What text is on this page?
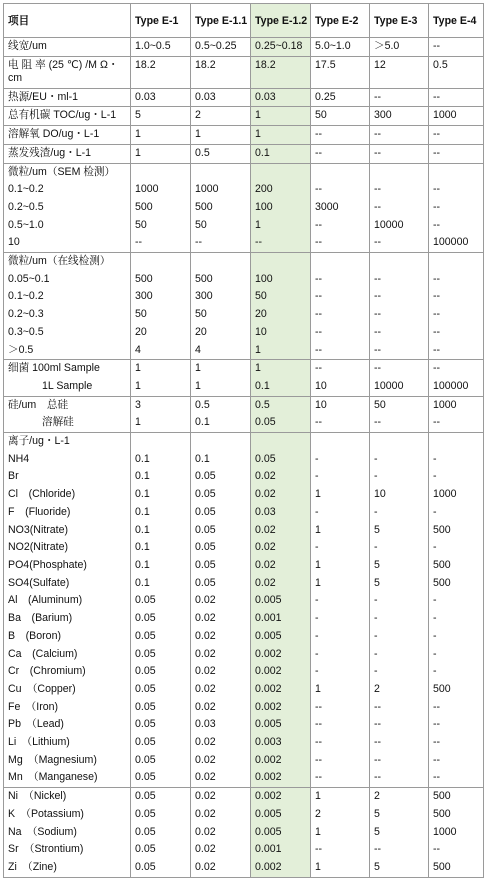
项目	Type E-1	Type E-1.1	Type E-1.2	Type E-2	Type E-3	Type E-4
线宽/um	1.0~0.5	0.5~0.25	0.25~0.18	5.0~1.0	＞5.0	--
电 阻 率 (25 ℃) /M Ω・cm	18.2	18.2	18.2	17.5	12	0.5
热源/EU・ml-1	0.03	0.03	0.03	0.25	--	--
总有机碳 TOC/ug・L-1	5	2	1	50	300	1000
溶解氧 DO/ug・L-1	1	1	1	--	--	--
蒸发残渣/ug・L-1	1	0.5	0.1	--	--	--
微粒/um（SEM 检测）						
0.1~0.2	1000	1000	200	--	--	--
0.2~0.5	500	500	100	3000	--	--
0.5~1.0	50	50	1	--	10000	--
10	--	--	--	--	--	100000
微粒/um（在线检测）						
0.05~0.1	500	500	100	--	--	--
0.1~0.2	300	300	50	--	--	--
0.2~0.3	50	50	20	--	--	--
0.3~0.5	20	20	10	--	--	--
＞0.5	4	4	1	--	--	--
细菌 100ml Sample	1	1	1	--	--	--
1L Sample	1	1	0.1	10	10000	100000
硅/um　总硅	3	0.5	0.5	10	50	1000
溶解硅	1	0.1	0.05	--	--	--
离子/ug・L-1						
NH4	0.1	0.1	0.05	-	-	-
Br	0.1	0.05	0.02	-	-	-
Cl　(Chloride)	0.1	0.05	0.02	1	10	1000
F　(Fluoride)	0.1	0.05	0.03	-	-	-
NO3(Nitrate)	0.1	0.05	0.02	1	5	500
NO2(Nitrate)	0.1	0.05	0.02	-	-	-
PO4(Phosphate)	0.1	0.05	0.02	1	5	500
SO4(Sulfate)	0.1	0.05	0.02	1	5	500
Al　(Aluminum)	0.05	0.02	0.005	-	-	-
Ba　(Barium)	0.05	0.02	0.001	-	-	-
B　(Boron)	0.05	0.02	0.005	-	-	-
Ca　(Calcium)	0.05	0.02	0.002	-	-	-
Cr　(Chromium)	0.05	0.02	0.002	-	-	-
Cu　（Copper)	0.05	0.02	0.002	1	2	500
Fe　（Iron)	0.05	0.02	0.002	--	--	--
Pb　（Lead)	0.05	0.03	0.005	--	--	--
Li　（Lithium)	0.05	0.02	0.003	--	--	--
Mg　（Magnesium)	0.05	0.02	0.002	--	--	--
Mn　（Manganese)	0.05	0.02	0.002	--	--	--
Ni　（Nickel)	0.05	0.02	0.002	1	2	500
K　（Potassium)	0.05	0.02	0.005	2	5	500
Na　（Sodium)	0.05	0.02	0.005	1	5	1000
Sr　（Strontium)	0.05	0.02	0.001	--	--	--
Zi　（Zine)	0.05	0.02	0.002	1	5	500
